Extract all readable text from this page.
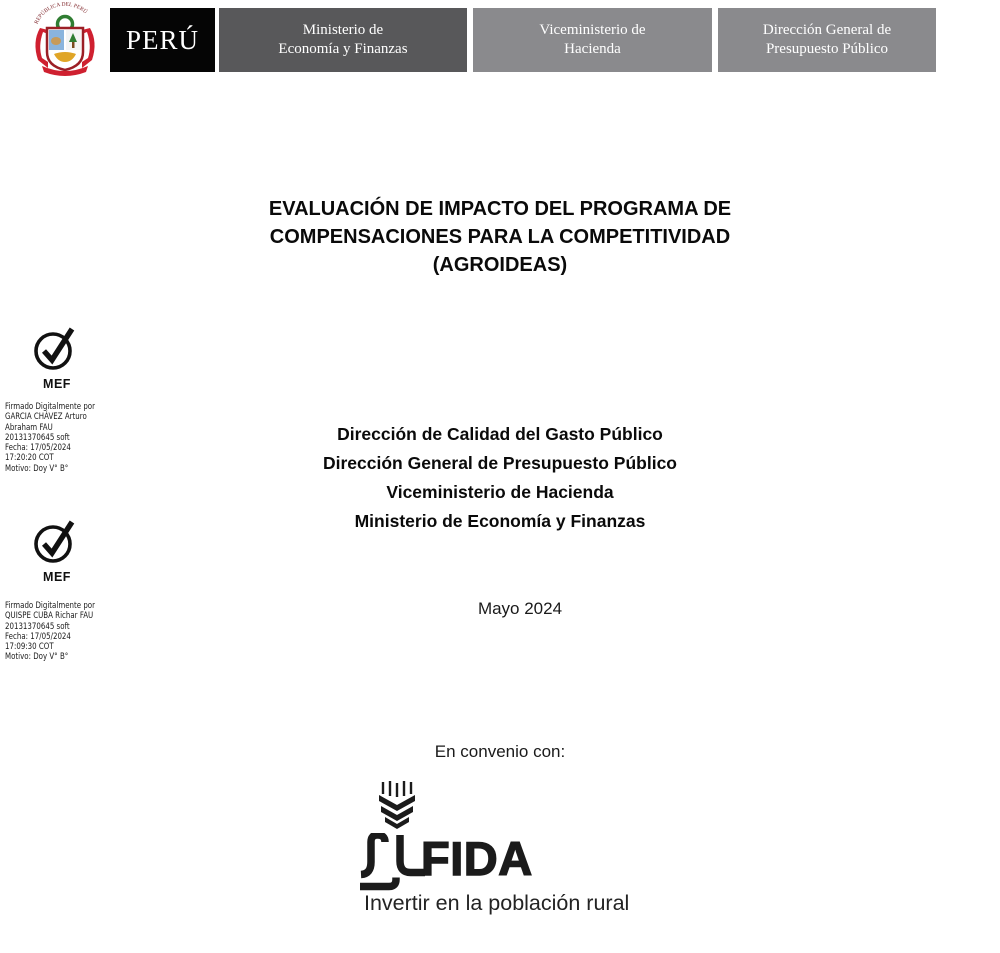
REPÚBLICA DEL PERÚ
PERÚ	Ministerio de
Economía y Finanzas
Viceministerio de
Hacienda
Dirección General de
Presupuesto Público
EVALUACIÓN DE IMPACTO DEL PROGRAMA DE
COMPENSACIONES PARA LA COMPETITIVIDAD
(AGROIDEAS)
MEF
Firmado Digitalmente por
GARCIA CHÁVEZ Arturo
Abraham FAU
20131370645 soft
Fecha: 17/05/2024
17:20:20 COT
Motivo: Doy V° B°
Dirección de Calidad del Gasto Público
Dirección General de Presupuesto Público
Viceministerio de Hacienda
Ministerio de Economía y Finanzas
MEF
Firmado Digitalmente por
QUISPE CUBA Richar FAU
20131370645 soft
Fecha: 17/05/2024
17:09:30 COT
Motivo: Doy V° B°
Mayo 2024
En convenio con:
FIDA
Invertir en la población rural
